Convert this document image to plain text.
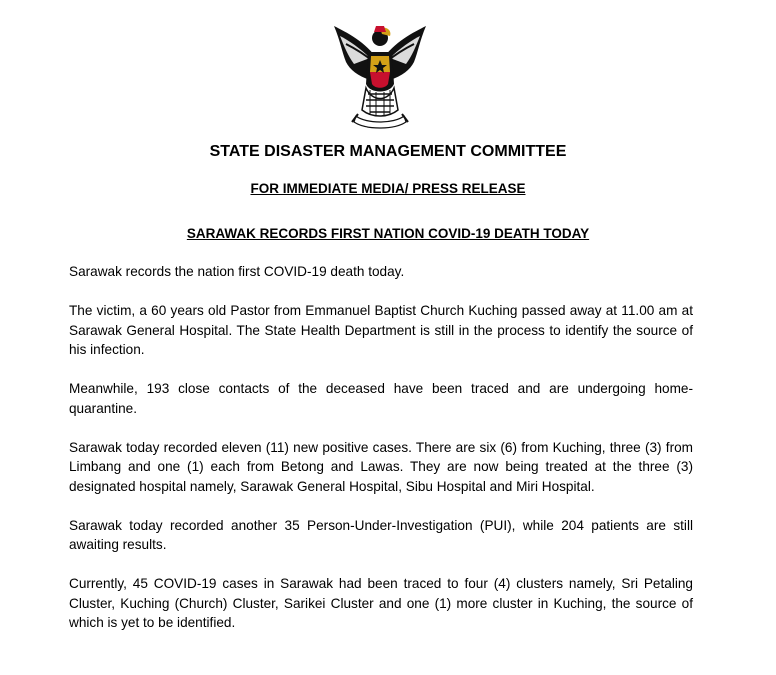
STATE DISASTER MANAGEMENT COMMITTEE
FOR IMMEDIATE MEDIA/ PRESS RELEASE
SARAWAK RECORDS FIRST NATION COVID-19 DEATH TODAY

Sarawak records the nation first COVID-19 death today.

The victim, a 60 years old Pastor from Emmanuel Baptist Church Kuching passed away at 11.00 am at Sarawak General Hospital. The State Health Department is still in the process to identify the source of his infection.

Meanwhile, 193 close contacts of the deceased have been traced and are undergoing home-quarantine.

Sarawak today recorded eleven (11) new positive cases. There are six (6) from Kuching, three (3) from Limbang and one (1) each from Betong and Lawas. They are now being treated at the three (3) designated hospital namely, Sarawak General Hospital, Sibu Hospital and Miri Hospital.

Sarawak today recorded another 35 Person-Under-Investigation (PUI), while 204 patients are still awaiting results.

Currently, 45 COVID-19 cases in Sarawak had been traced to four (4) clusters namely, Sri Petaling Cluster, Kuching (Church) Cluster, Sarikei Cluster and one (1) more cluster in Kuching, the source of which is yet to be identified.
